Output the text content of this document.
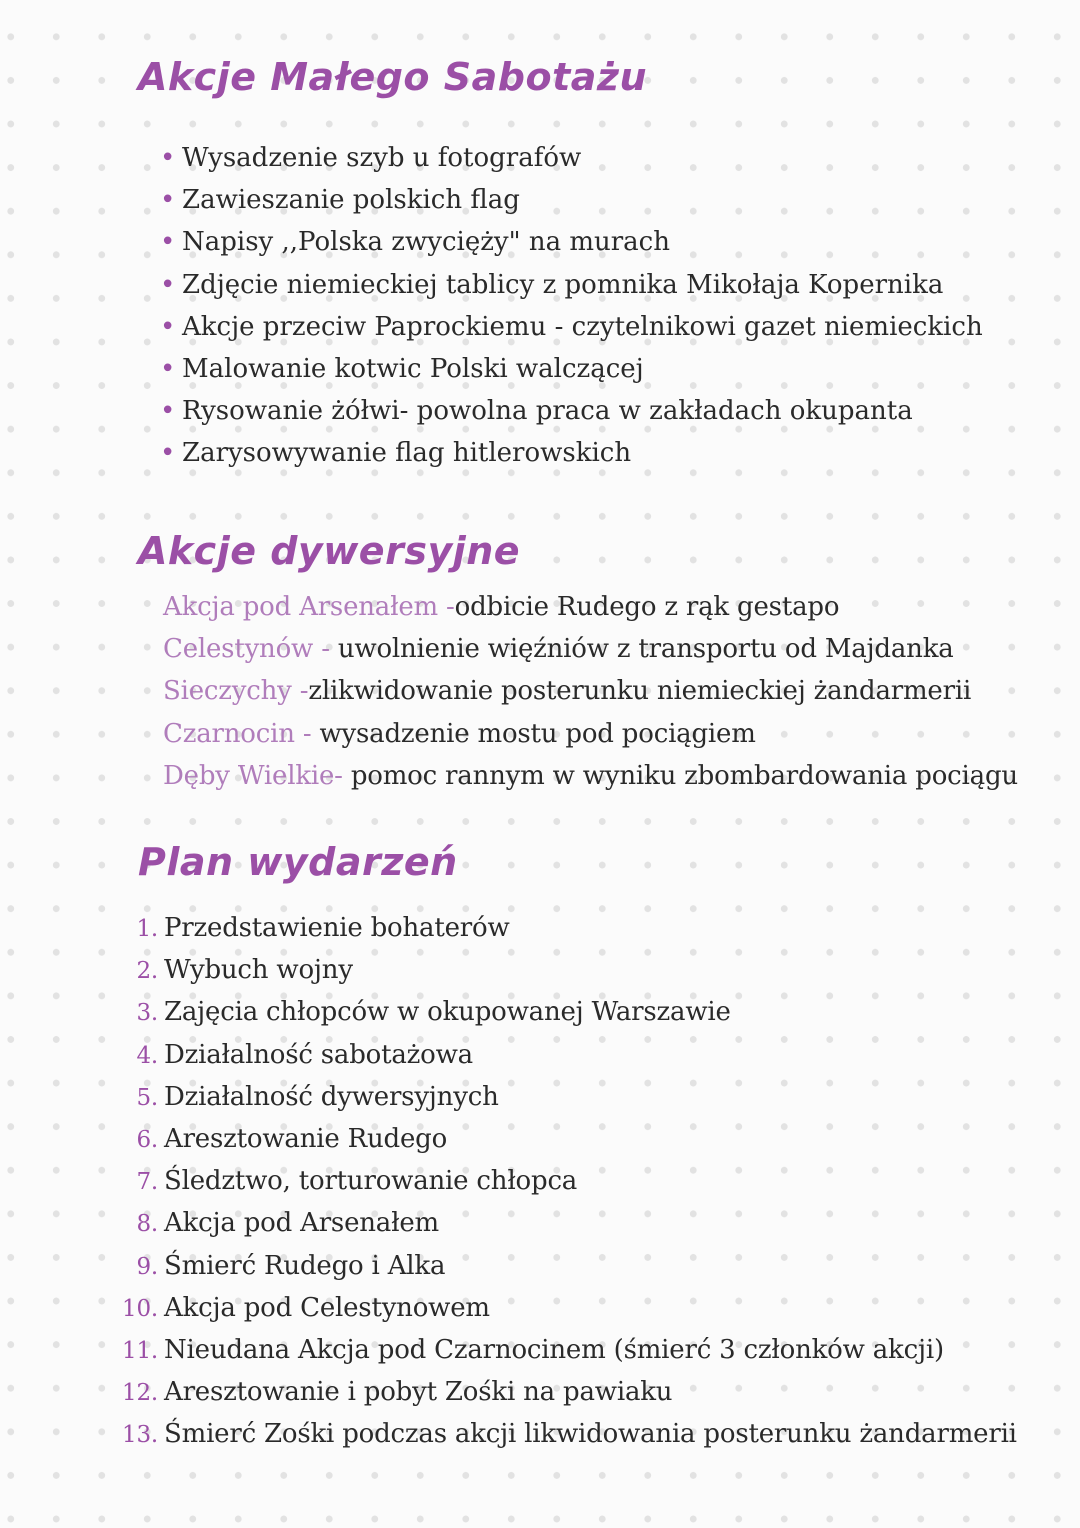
Akcje Małego Sabotażu
• Wysadzenie szyb u fotografów
• Zawieszanie polskich flag
• Napisy ,,Polska zwycięży" na murach
• Zdjęcie niemieckiej tablicy z pomnika Mikołaja Kopernika
• Akcje przeciw Paprockiemu - czytelnikowi gazet niemieckich
• Malowanie kotwic Polski walczącej
• Rysowanie żółwi- powolna praca w zakładach okupanta
• Zarysowywanie flag hitlerowskich
Akcje dywersyjne
Akcja pod Arsenałem -odbicie Rudego z rąk gestapo
Celestynów - uwolnienie więźniów z transportu od Majdanka
Sieczychy -zlikwidowanie posterunku niemieckiej żandarmerii
Czarnocin - wysadzenie mostu pod pociągiem
Dęby Wielkie- pomoc rannym w wyniku zbombardowania pociągu
Plan wydarzeń
1. Przedstawienie bohaterów
2. Wybuch wojny
3. Zajęcia chłopców w okupowanej Warszawie
4. Działalność sabotażowa
5. Działalność dywersyjnych
6. Aresztowanie Rudego
7. Śledztwo, torturowanie chłopca
8. Akcja pod Arsenałem
9. Śmierć Rudego i Alka
10. Akcja pod Celestynowem
11. Nieudana Akcja pod Czarnocinem (śmierć 3 członków akcji)
12. Aresztowanie i pobyt Zośki na pawiaku
13. Śmierć Zośki podczas akcji likwidowania posterunku żandarmerii
